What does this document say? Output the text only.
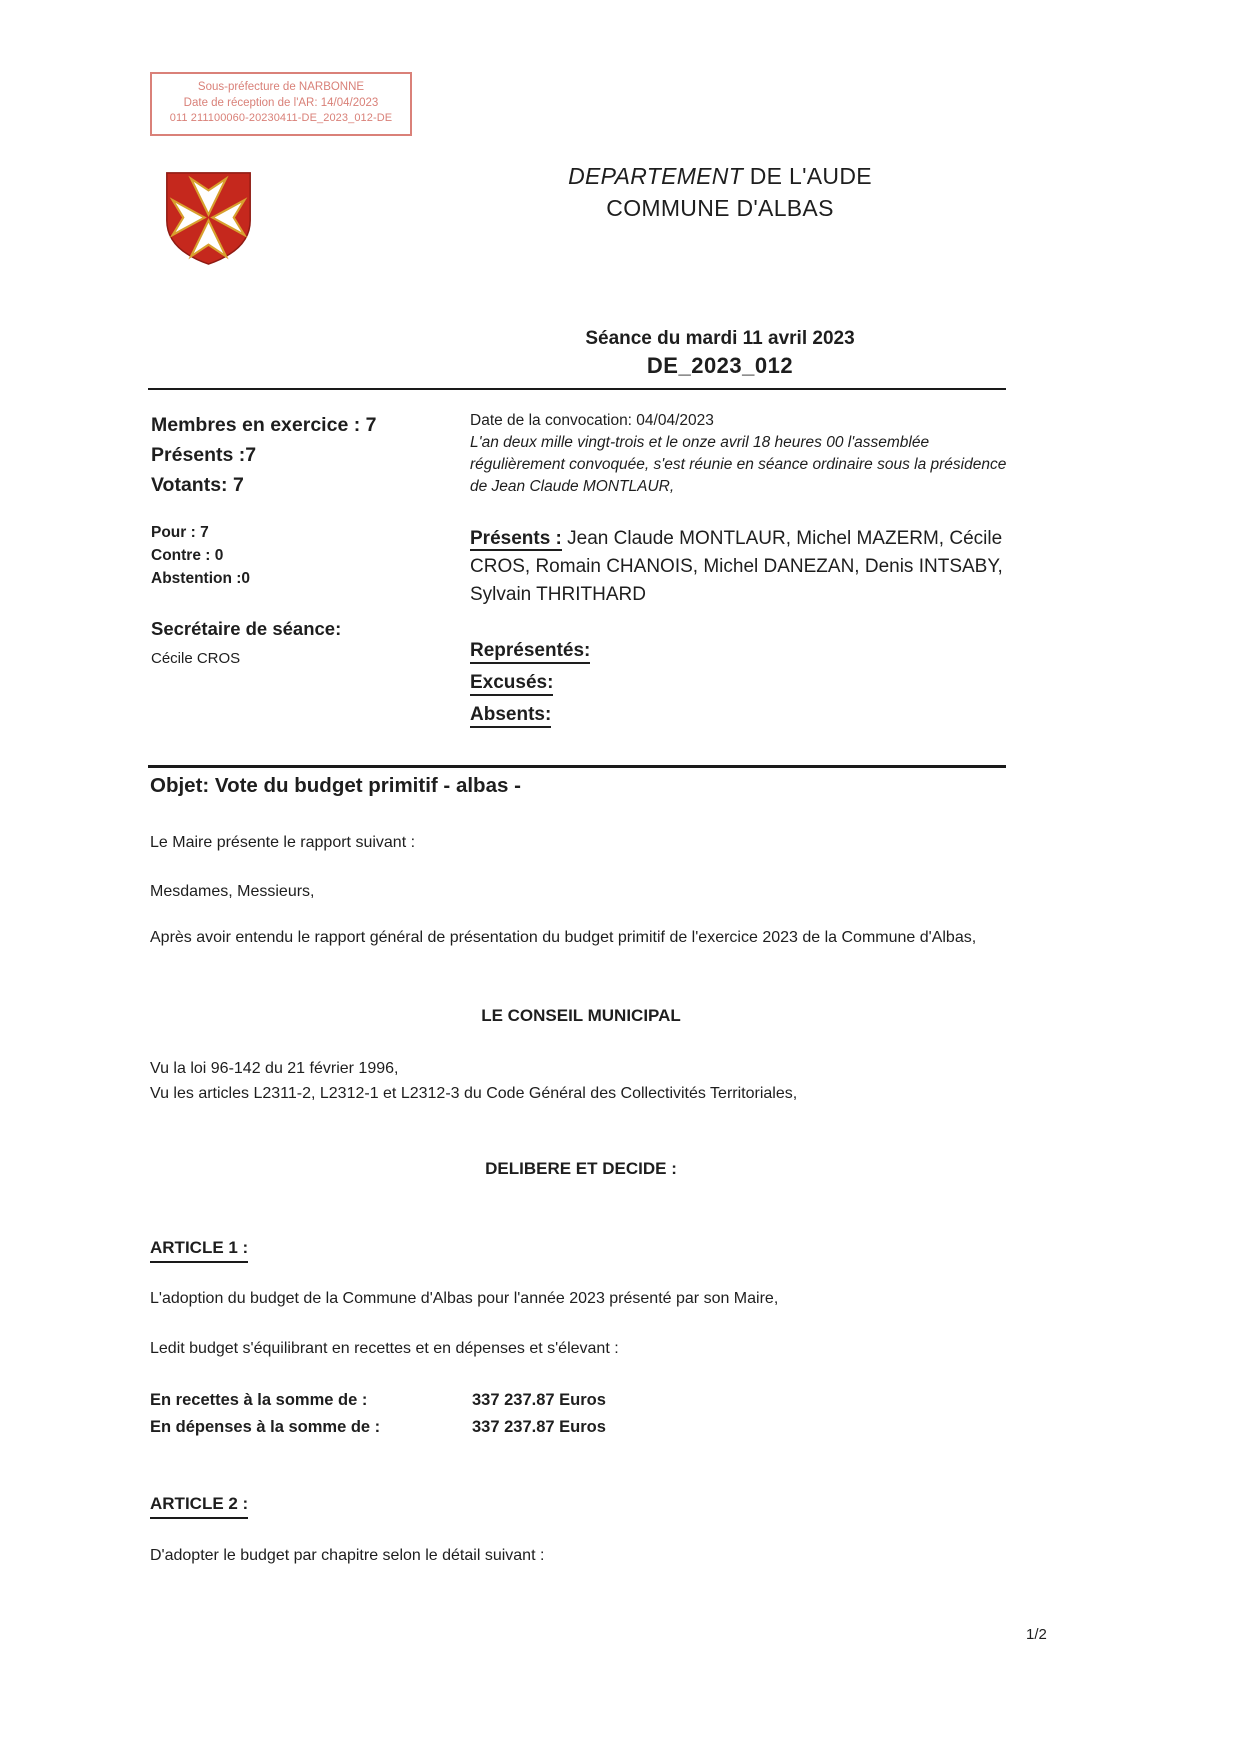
Sous-préfecture de NARBONNE
Date de réception de l'AR: 14/04/2023
011 211100060-20230411-DE_2023_012-DE
DEPARTEMENT DE L'AUDE
COMMUNE D'ALBAS
Séance du mardi 11 avril 2023
DE_2023_012
Membres en exercice : 7
Présents :7
Votants: 7
Pour : 7
Contre : 0
Abstention :0
Secrétaire de séance:
Cécile CROS
Date de la convocation: 04/04/2023
L'an deux mille vingt-trois et le onze avril 18 heures 00 l'assemblée régulièrement convoquée, s'est réunie en séance ordinaire sous la présidence de Jean Claude MONTLAUR,
Présents : Jean Claude MONTLAUR, Michel MAZERM, Cécile CROS, Romain CHANOIS, Michel DANEZAN, Denis INTSABY, Sylvain THRITHARD
Représentés:
Excusés:
Absents:
Objet: Vote du budget primitif - albas -
Le Maire présente le rapport suivant :
Mesdames, Messieurs,
Après avoir entendu le rapport général de présentation du budget primitif de l'exercice 2023 de la Commune d'Albas,
LE CONSEIL MUNICIPAL
Vu la loi 96-142 du 21 février 1996,
Vu les articles L2311-2, L2312-1 et L2312-3 du Code Général des Collectivités Territoriales,
DELIBERE ET DECIDE :
ARTICLE 1 :
L'adoption du budget de la Commune d'Albas pour l'année 2023 présenté par son Maire,
Ledit budget s'équilibrant en recettes et en dépenses et s'élevant :
En recettes à la somme de :	337 237.87 Euros
En dépenses à la somme de :	337 237.87 Euros
ARTICLE 2 :
D'adopter le budget par chapitre selon le détail suivant :
1/2
